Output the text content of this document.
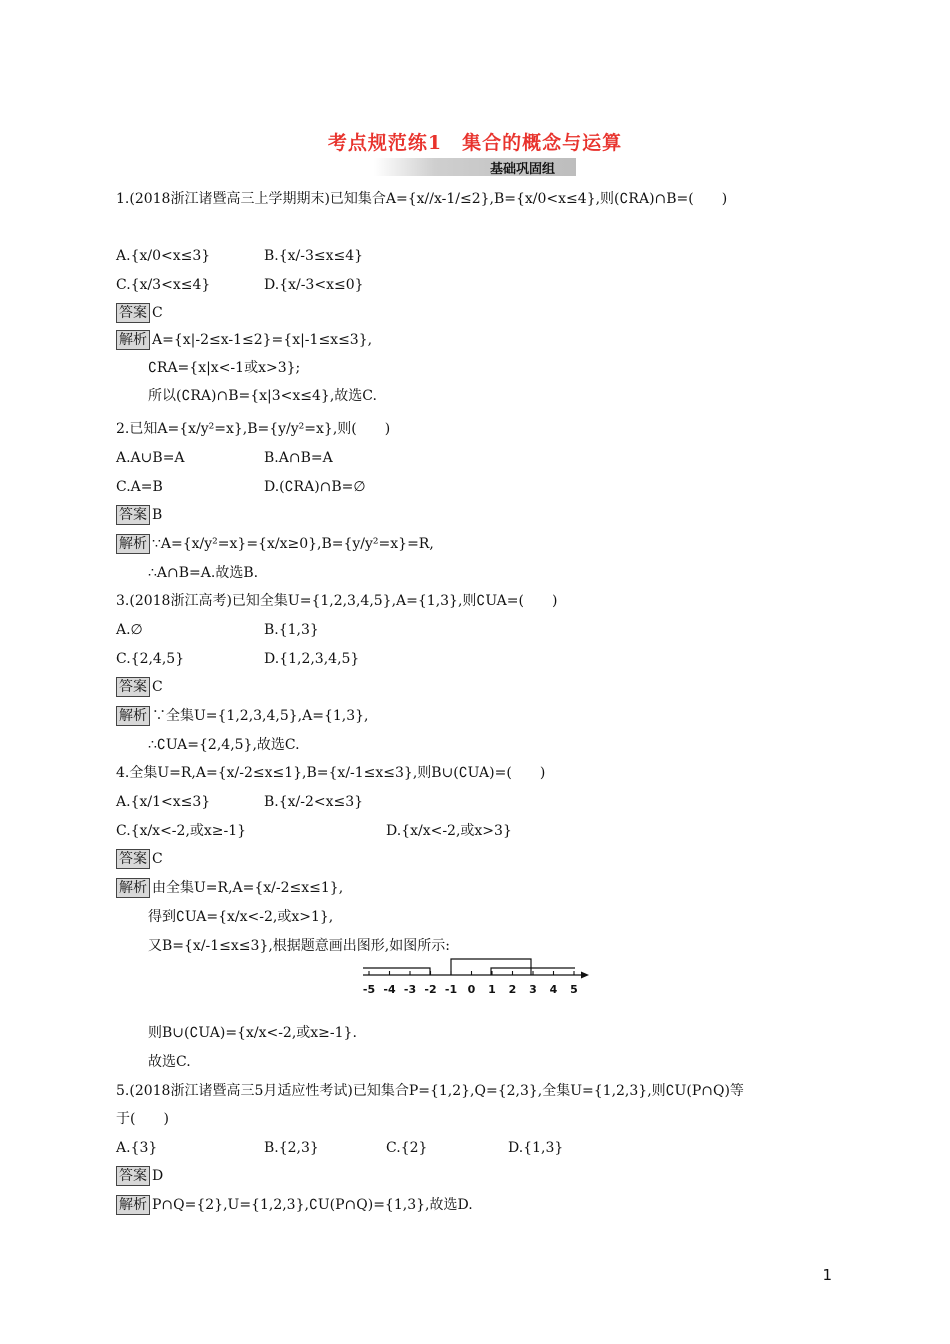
考点规范练1　集合的概念与运算
基础巩固组
1.(2018浙江诸暨高三上学期期末)已知集合A={x//x-1/≤2},B={x/0<x≤4},则(∁RA)∩B=(　　)
A.{x/0<x≤3}	B.{x/-3≤x≤4}
C.{x/3<x≤4}	D.{x/-3<x≤0}
答案 C
解析 A={x|-2≤x-1≤2}={x|-1≤x≤3},
∁RA={x|x<-1或x>3};
所以(∁RA)∩B={x|3<x≤4},故选C.
2.已知A={x/y²=x},B={y/y²=x},则(　　)
A.A∪B=A	B.A∩B=A
C.A=B	D.(∁RA)∩B=∅
答案 B
解析 ∵A={x/y²=x}={x/x≥0},B={y/y²=x}=R,
∴A∩B=A.故选B.
3.(2018浙江高考)已知全集U={1,2,3,4,5},A={1,3},则∁UA=(　　)
A.∅	B.{1,3}
C.{2,4,5}	D.{1,2,3,4,5}
答案 C
解析 ∵全集U={1,2,3,4,5},A={1,3},
∴∁UA={2,4,5},故选C.
4.全集U=R,A={x/-2≤x≤1},B={x/-1≤x≤3},则B∪(∁UA)=(　　)
A.{x/1<x≤3}	B.{x/-2<x≤3}
C.{x/x<-2,或x≥-1}	D.{x/x<-2,或x>3}
答案 C
解析 由全集U=R,A={x/-2≤x≤1},
得到∁UA={x/x<-2,或x>1},
又B={x/-1≤x≤3},根据题意画出图形,如图所示:
-5 -4 -3 -2 -1 0 1 2 3 4 5
则B∪(∁UA)={x/x<-2,或x≥-1}.
故选C.
5.(2018浙江诸暨高三5月适应性考试)已知集合P={1,2},Q={2,3},全集U={1,2,3},则∁U(P∩Q)等
于(　　)
A.{3}	B.{2,3}	C.{2}	D.{1,3}
答案 D
解析 P∩Q={2},U={1,2,3},∁U(P∩Q)={1,3},故选D.
1
